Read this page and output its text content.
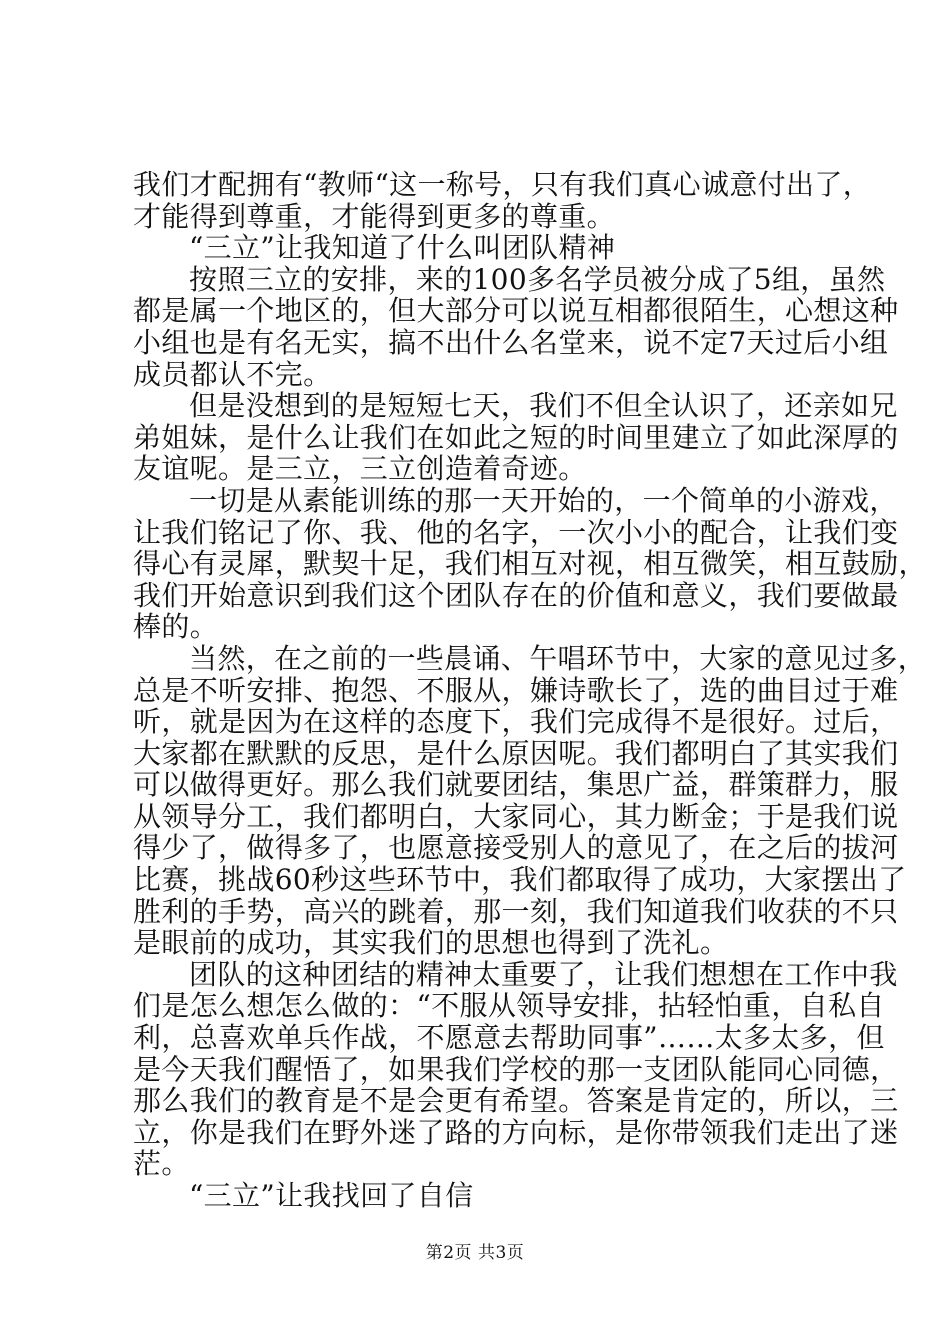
我们才配拥有“教师“这一称号，只有我们真心诚意付出了，
才能得到尊重，才能得到更多的尊重。
“三立”让我知道了什么叫团队精神
按照三立的安排，来的100多名学员被分成了5组，虽然
都是属一个地区的，但大部分可以说互相都很陌生，心想这种
小组也是有名无实，搞不出什么名堂来，说不定7天过后小组
成员都认不完。
但是没想到的是短短七天，我们不但全认识了，还亲如兄
弟姐妹，是什么让我们在如此之短的时间里建立了如此深厚的
友谊呢。是三立，三立创造着奇迹。
一切是从素能训练的那一天开始的，一个简单的小游戏，
让我们铭记了你、我、他的名字，一次小小的配合，让我们变
得心有灵犀，默契十足，我们相互对视，相互微笑，相互鼓励，
我们开始意识到我们这个团队存在的价值和意义，我们要做最
棒的。
当然，在之前的一些晨诵、午唱环节中，大家的意见过多，
总是不听安排、抱怨、不服从，嫌诗歌长了，选的曲目过于难
听，就是因为在这样的态度下，我们完成得不是很好。过后，
大家都在默默的反思，是什么原因呢。我们都明白了其实我们
可以做得更好。那么我们就要团结，集思广益，群策群力，服
从领导分工，我们都明白，大家同心，其力断金；于是我们说
得少了，做得多了，也愿意接受别人的意见了，在之后的拔河
比赛，挑战60秒这些环节中，我们都取得了成功，大家摆出了
胜利的手势，高兴的跳着，那一刻，我们知道我们收获的不只
是眼前的成功，其实我们的思想也得到了洗礼。
团队的这种团结的精神太重要了，让我们想想在工作中我
们是怎么想怎么做的：“不服从领导安排，拈轻怕重，自私自
利，总喜欢单兵作战，不愿意去帮助同事”……太多太多，但
是今天我们醒悟了，如果我们学校的那一支团队能同心同德，
那么我们的教育是不是会更有希望。答案是肯定的，所以，三
立，你是我们在野外迷了路的方向标，是你带领我们走出了迷
茫。
“三立”让我找回了自信
第2页 共3页
